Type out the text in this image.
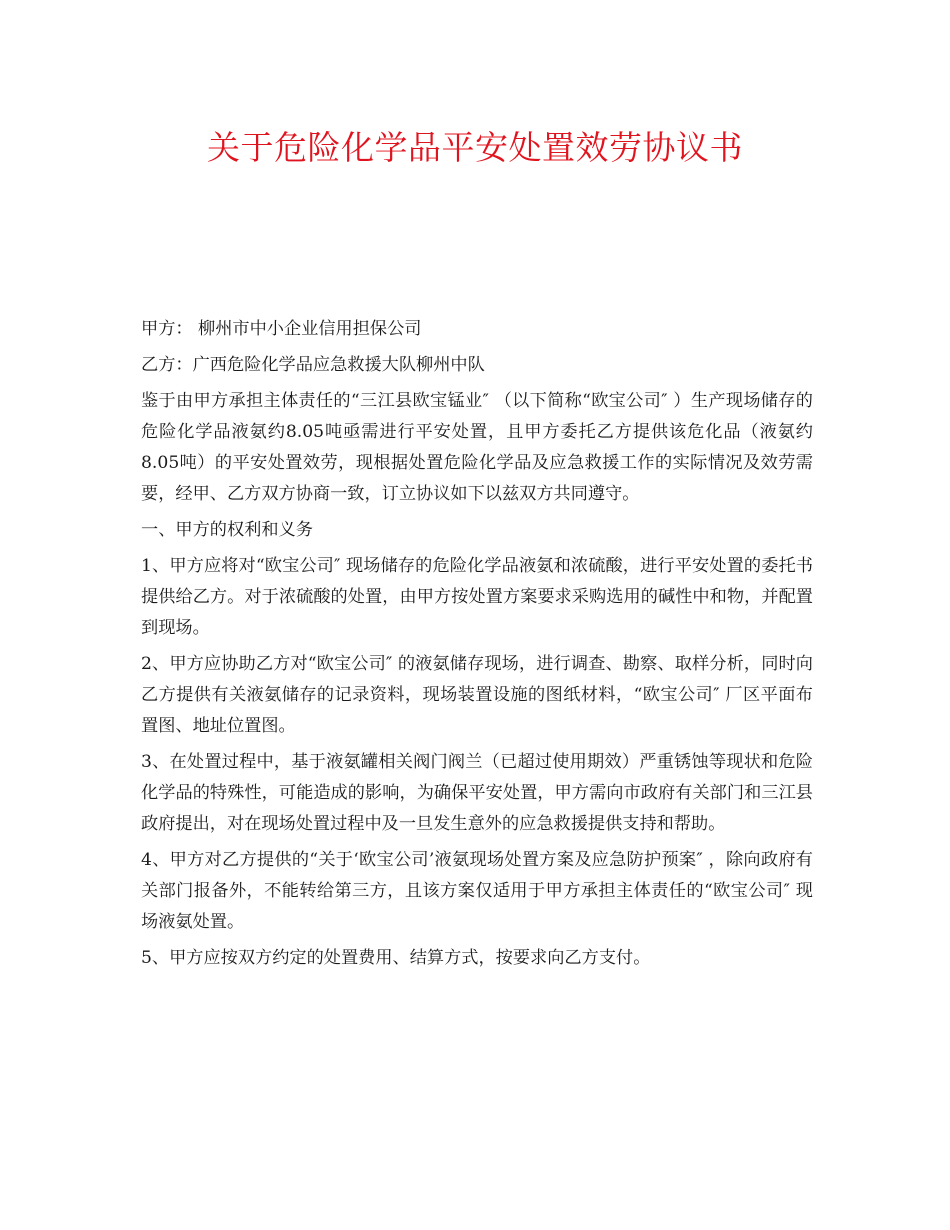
关于危险化学品平安处置效劳协议书

甲方： 柳州市中小企业信用担保公司

乙方：广西危险化学品应急救援大队柳州中队

鉴于由甲方承担主体责任的“三江县欧宝锰业″ （以下简称“欧宝公司″ ）生产现场储存的危险化学品液氨约8.05吨亟需进行平安处置，且甲方委托乙方提供该危化品（液氨约8.05吨）的平安处置效劳，现根据处置危险化学品及应急救援工作的实际情况及效劳需要，经甲、乙方双方协商一致，订立协议如下以兹双方共同遵守。

一、甲方的权利和义务

1、甲方应将对“欧宝公司″ 现场储存的危险化学品液氨和浓硫酸，进行平安处置的委托书提供给乙方。对于浓硫酸的处置，由甲方按处置方案要求采购选用的碱性中和物，并配置到现场。

2、甲方应协助乙方对“欧宝公司″ 的液氨储存现场，进行调查、勘察、取样分析，同时向乙方提供有关液氨储存的记录资料，现场装置设施的图纸材料，“欧宝公司″ 厂区平面布置图、地址位置图。

3、在处置过程中，基于液氨罐相关阀门阀兰（已超过使用期效）严重锈蚀等现状和危险化学品的特殊性，可能造成的影响，为确保平安处置，甲方需向市政府有关部门和三江县政府提出，对在现场处置过程中及一旦发生意外的应急救援提供支持和帮助。

4、甲方对乙方提供的“关于‘欧宝公司’液氨现场处置方案及应急防护预案″ ，除向政府有关部门报备外，不能转给第三方，且该方案仅适用于甲方承担主体责任的“欧宝公司″ 现场液氨处置。

5、甲方应按双方约定的处置费用、结算方式，按要求向乙方支付。
